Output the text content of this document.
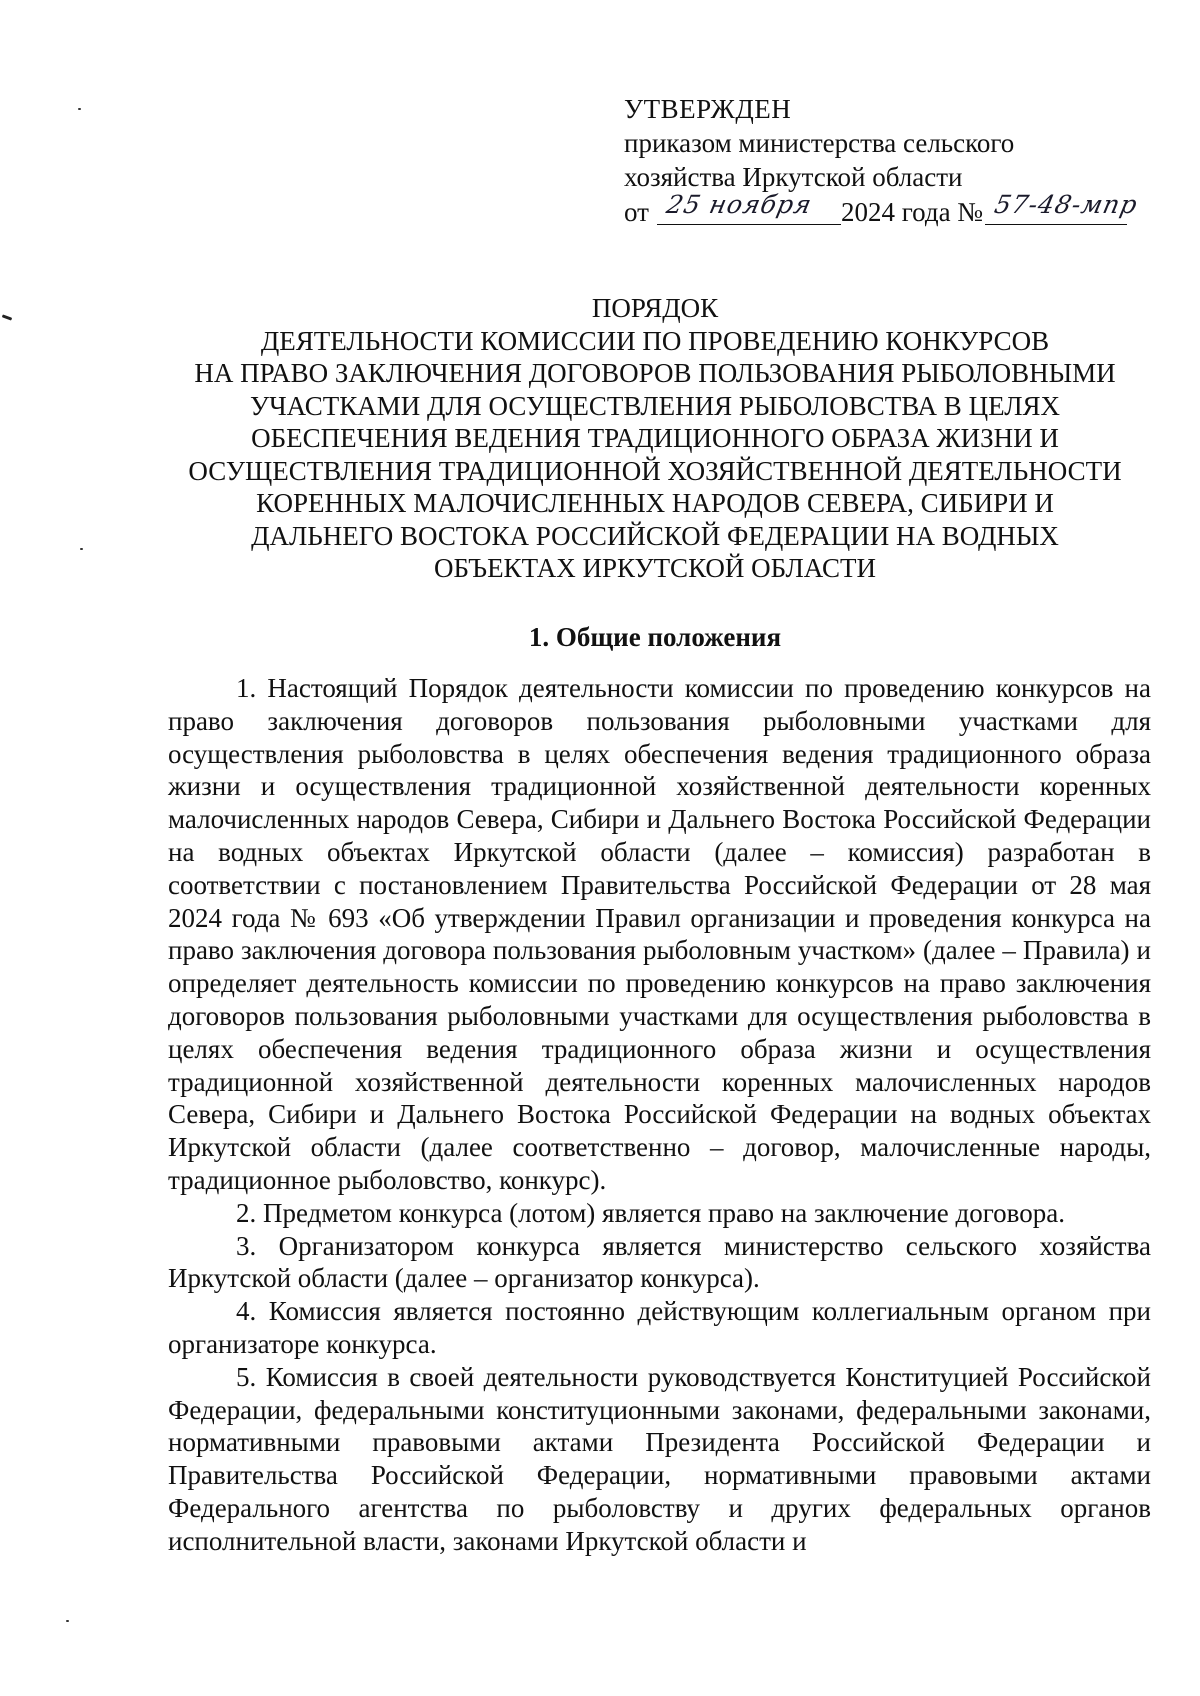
УТВЕРЖДЕН
приказом министерства сельского
хозяйства Иркутской области
от 25 ноября 2024 года № 57-48-мпр
ПОРЯДОК
ДЕЯТЕЛЬНОСТИ КОМИССИИ ПО ПРОВЕДЕНИЮ КОНКУРСОВ
НА ПРАВО ЗАКЛЮЧЕНИЯ ДОГОВОРОВ ПОЛЬЗОВАНИЯ РЫБОЛОВНЫМИ
УЧАСТКАМИ ДЛЯ ОСУЩЕСТВЛЕНИЯ РЫБОЛОВСТВА В ЦЕЛЯХ
ОБЕСПЕЧЕНИЯ ВЕДЕНИЯ ТРАДИЦИОННОГО ОБРАЗА ЖИЗНИ И
ОСУЩЕСТВЛЕНИЯ ТРАДИЦИОННОЙ ХОЗЯЙСТВЕННОЙ ДЕЯТЕЛЬНОСТИ
КОРЕННЫХ МАЛОЧИСЛЕННЫХ НАРОДОВ СЕВЕРА, СИБИРИ И
ДАЛЬНЕГО ВОСТОКА РОССИЙСКОЙ ФЕДЕРАЦИИ НА ВОДНЫХ
ОБЪЕКТАХ ИРКУТСКОЙ ОБЛАСТИ
1. Общие положения

1. Настоящий Порядок деятельности комиссии по проведению конкурсов на право заключения договоров пользования рыболовными участками для осуществления рыболовства в целях обеспечения ведения традиционного образа жизни и осуществления традиционной хозяйственной деятельности коренных малочисленных народов Севера, Сибири и Дальнего Востока Российской Федерации на водных объектах Иркутской области (далее – комиссия) разработан в соответствии с постановлением Правительства Российской Федерации от 28 мая 2024 года № 693 «Об утверждении Правил организации и проведения конкурса на право заключения договора пользования рыболовным участком» (далее – Правила) и определяет деятельность комиссии по проведению конкурсов на право заключения договоров пользования рыболовными участками для осуществления рыболовства в целях обеспечения ведения традиционного образа жизни и осуществления традиционной хозяйственной деятельности коренных малочисленных народов Севера, Сибири и Дальнего Востока Российской Федерации на водных объектах Иркутской области (далее соответственно – договор, малочисленные народы, традиционное рыболовство, конкурс).

2. Предметом конкурса (лотом) является право на заключение договора.

3. Организатором конкурса является министерство сельского хозяйства Иркутской области (далее – организатор конкурса).

4. Комиссия является постоянно действующим коллегиальным органом при организаторе конкурса.

5. Комиссия в своей деятельности руководствуется Конституцией Российской Федерации, федеральными конституционными законами, федеральными законами, нормативными правовыми актами Президента Российской Федерации и Правительства Российской Федерации, нормативными правовыми актами Федерального агентства по рыболовству и других федеральных органов исполнительной власти, законами Иркутской области и
